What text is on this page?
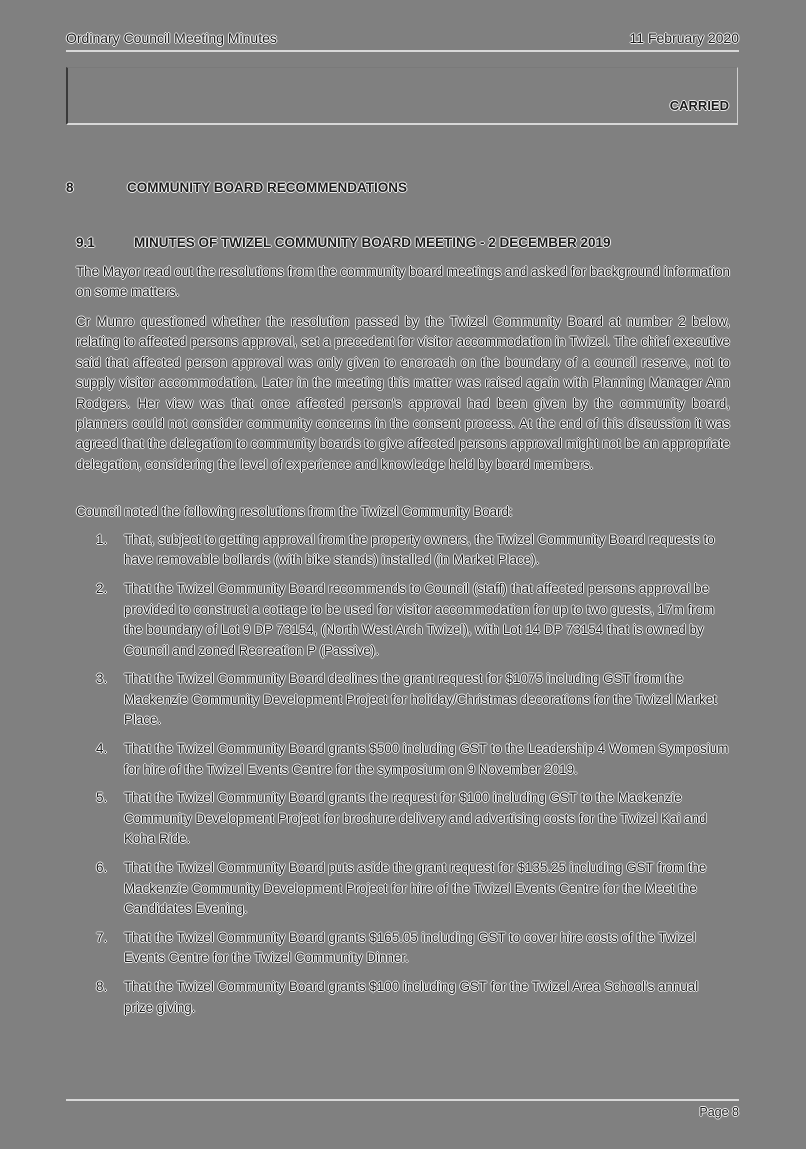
Ordinary Council Meeting Minutes	11 February 2020
CARRIED
8	COMMUNITY BOARD RECOMMENDATIONS
9.1	MINUTES OF TWIZEL COMMUNITY BOARD MEETING - 2 DECEMBER 2019

The Mayor read out the resolutions from the community board meetings and asked for background information on some matters.

Cr Munro questioned whether the resolution passed by the Twizel Community Board at number 2 below, relating to affected persons approval, set a precedent for visitor accommodation in Twizel. The chief executive said that affected person approval was only given to encroach on the boundary of a council reserve, not to supply visitor accommodation. Later in the meeting this matter was raised again with Planning Manager Ann Rodgers. Her view was that once affected person's approval had been given by the community board, planners could not consider community concerns in the consent process. At the end of this discussion it was agreed that the delegation to community boards to give affected persons approval might not be an appropriate delegation, considering the level of experience and knowledge held by board members.

Council noted the following resolutions from the Twizel Community Board:

1.	That, subject to getting approval from the property owners, the Twizel Community Board requests to have removable bollards (with bike stands) installed (in Market Place).
2.	That the Twizel Community Board recommends to Council (staff) that affected persons approval be provided to construct a cottage to be used for visitor accommodation for up to two guests, 17m from the boundary of Lot 9 DP 73154, (North West Arch Twizel), with Lot 14 DP 73154 that is owned by Council and zoned Recreation P (Passive).
3.	That the Twizel Community Board declines the grant request for $1075 including GST from the Mackenzie Community Development Project for holiday/Christmas decorations for the Twizel Market Place.
4.	That the Twizel Community Board grants $500 including GST to the Leadership 4 Women Symposium for hire of the Twizel Events Centre for the symposium on 9 November 2019.
5.	That the Twizel Community Board grants the request for $100 including GST to the Mackenzie Community Development Project for brochure delivery and advertising costs for the Twizel Kai and Koha Ride.
6.	That the Twizel Community Board puts aside the grant request for $135.25 including GST from the Mackenzie Community Development Project for hire of the Twizel Events Centre for the Meet the Candidates Evening.
7.	That the Twizel Community Board grants $165.05 including GST to cover hire costs of the Twizel Events Centre for the Twizel Community Dinner.
8.	That the Twizel Community Board grants $100 including GST for the Twizel Area School's annual prize giving.
Page 8
